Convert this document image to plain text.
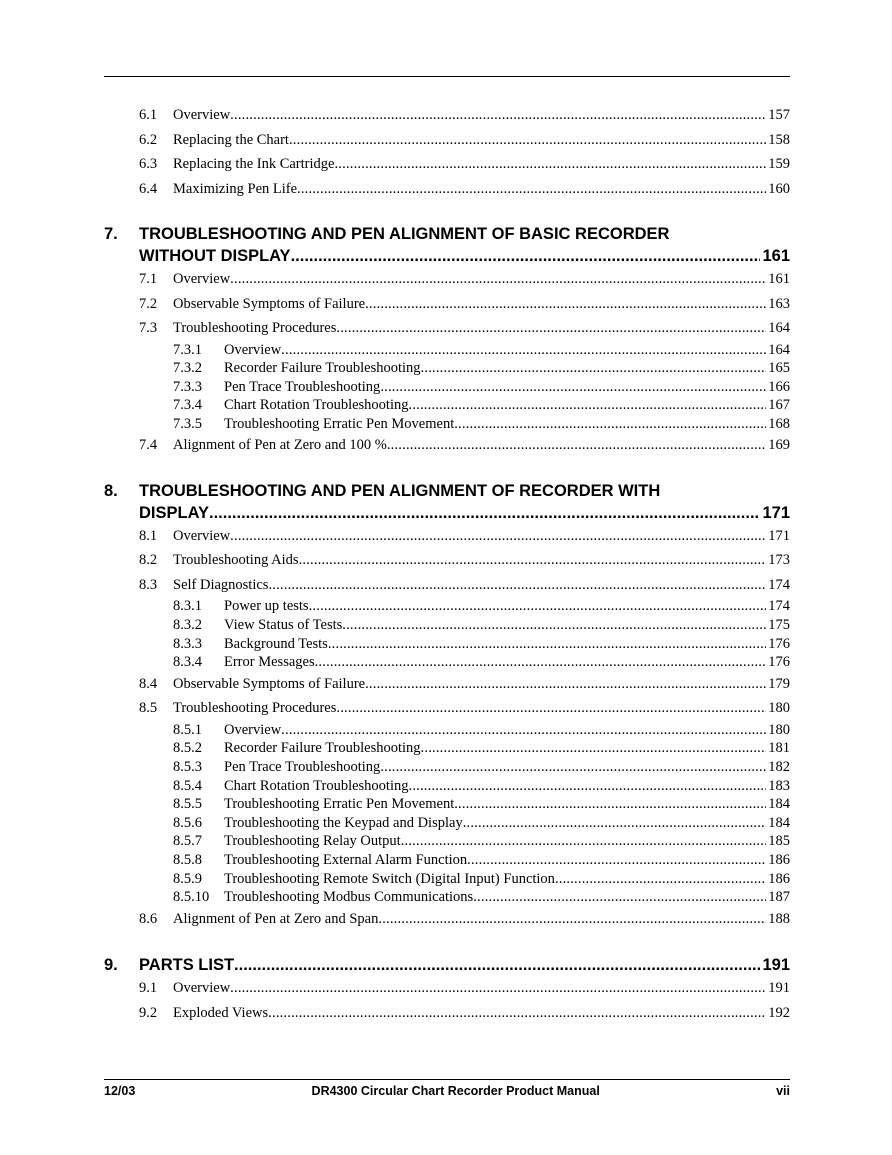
6.1	Overview .....	157
6.2	Replacing the Chart .....	158
6.3	Replacing the Ink Cartridge .....	159
6.4	Maximizing Pen Life .....	160
7.	TROUBLESHOOTING AND PEN ALIGNMENT OF BASIC RECORDER
WITHOUT DISPLAY .....	161
7.1	Overview .....	161
7.2	Observable Symptoms of Failure .....	163
7.3	Troubleshooting Procedures .....	164
7.3.1	Overview .....	164
7.3.2	Recorder Failure Troubleshooting .....	165
7.3.3	Pen Trace Troubleshooting .....	166
7.3.4	Chart Rotation Troubleshooting .....	167
7.3.5	Troubleshooting Erratic Pen Movement .....	168
7.4	Alignment of Pen at Zero and 100 % .....	169
8.	TROUBLESHOOTING AND PEN ALIGNMENT OF RECORDER WITH
DISPLAY .....	171
8.1	Overview .....	171
8.2	Troubleshooting Aids .....	173
8.3	Self Diagnostics .....	174
8.3.1	Power up tests .....	174
8.3.2	View Status of Tests .....	175
8.3.3	Background Tests .....	176
8.3.4	Error Messages .....	176
8.4	Observable Symptoms of Failure .....	179
8.5	Troubleshooting Procedures .....	180
8.5.1	Overview .....	180
8.5.2	Recorder Failure Troubleshooting .....	181
8.5.3	Pen Trace Troubleshooting .....	182
8.5.4	Chart Rotation Troubleshooting .....	183
8.5.5	Troubleshooting Erratic Pen Movement .....	184
8.5.6	Troubleshooting the Keypad and Display .....	184
8.5.7	Troubleshooting Relay Output .....	185
8.5.8	Troubleshooting External Alarm Function .....	186
8.5.9	Troubleshooting Remote Switch (Digital Input) Function .....	186
8.5.10	Troubleshooting Modbus Communications .....	187
8.6	Alignment of Pen at Zero and Span .....	188
9.	PARTS LIST .....	191
9.1	Overview .....	191
9.2	Exploded Views .....	192
12/03	DR4300 Circular Chart Recorder Product Manual	vii
